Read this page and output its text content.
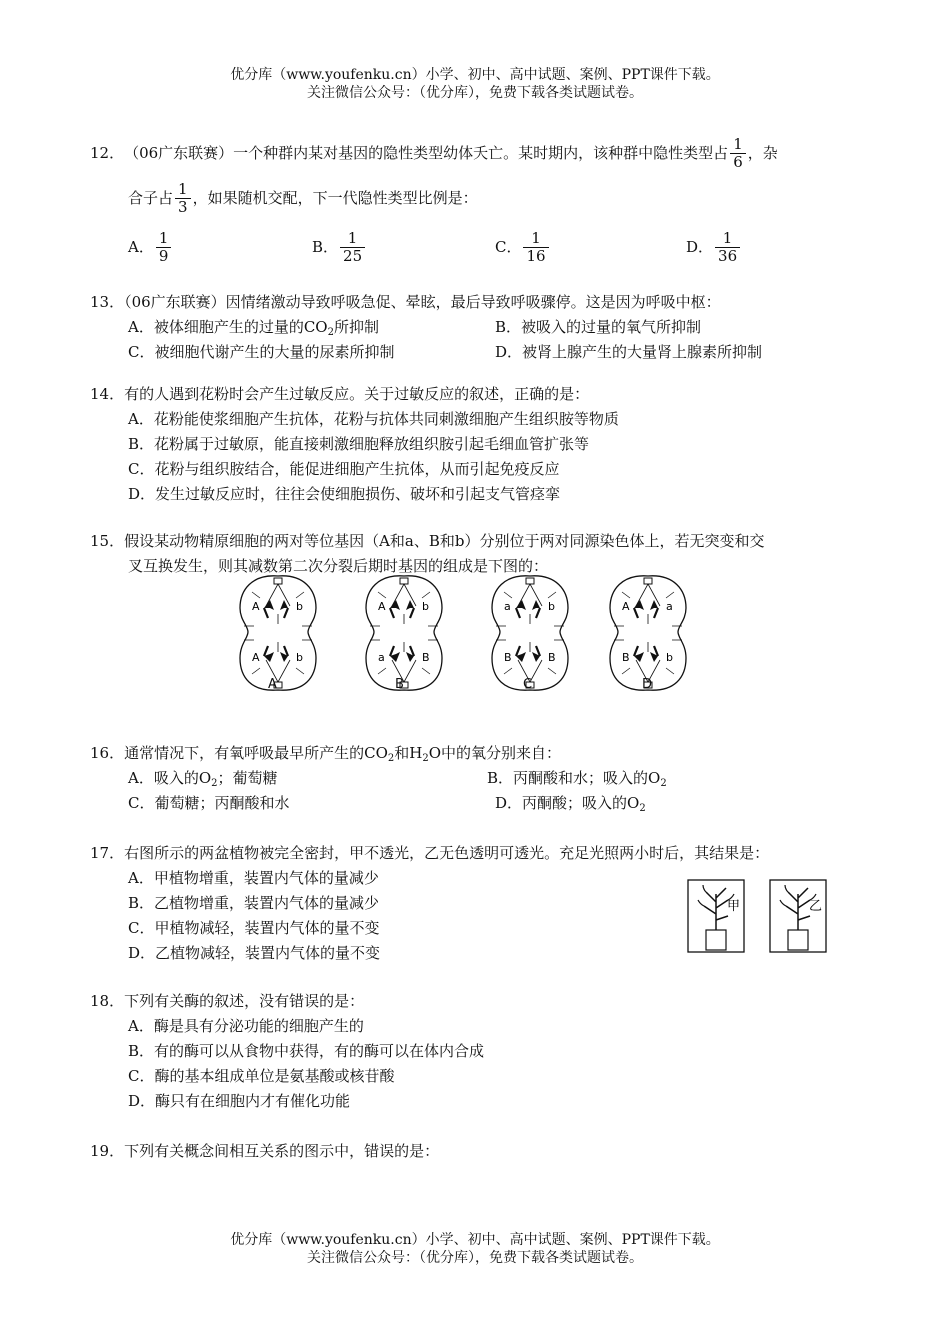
优分库（www.youfenku.cn）小学、初中、高中试题、案例、PPT课件下载。
关注微信公众号：（优分库），免费下载各类试题试卷。
12． （06广东联赛）一个种群内某对基因的隐性类型幼体夭亡。某时期内，该种群中隐性类型占 $\frac{1}{6}$ ，杂
合子占 $\frac{1}{3}$ ，如果随机交配，下一代隐性类型比例是：
A． $\frac{1}{9}$	B． $\frac{1}{25}$	C． $\frac{1}{16}$	D． $\frac{1}{36}$
13．（06广东联赛）因情绪激动导致呼吸急促、晕眩，最后导致呼吸骤停。这是因为呼吸中枢：
A．被体细胞产生的过量的$CO_2$所抑制	B．被吸入的过量的氧气所抑制
C．被细胞代谢产生的大量的尿素所抑制	D．被肾上腺产生的大量肾上腺素所抑制
14．有的人遇到花粉时会产生过敏反应。关于过敏反应的叙述，正确的是：
A．花粉能使浆细胞产生抗体，花粉与抗体共同刺激细胞产生组织胺等物质
B．花粉属于过敏原，能直接刺激细胞释放组织胺引起毛细血管扩张等
C．花粉与组织胺结合，能促进细胞产生抗体，从而引起免疫反应
D．发生过敏反应时，往往会使细胞损伤、破坏和引起支气管痉挛
15．假设某动物精原细胞的两对等位基因（A和a、B和b）分别位于两对同源染色体上，若无突变和交
叉互换发生，则其减数第二次分裂后期时基因的组成是下图的：
A	b
A	b
A	b
a	B
a	b
B	B
A	a
B	b
A	B	C	D
16．通常情况下，有氧呼吸最早所产生的$CO_2$和$H_2O$中的氧分别来自：
A．吸入的$O_2$；葡萄糖	B．丙酮酸和水；吸入的$O_2$
C．葡萄糖；丙酮酸和水	D．丙酮酸；吸入的$O_2$
17．右图所示的两盆植物被完全密封，甲不透光，乙无色透明可透光。充足光照两小时后，其结果是：
A．甲植物增重，装置内气体的量减少
B．乙植物增重，装置内气体的量减少
C．甲植物减轻，装置内气体的量不变
D．乙植物减轻，装置内气体的量不变
甲	乙
18．下列有关酶的叙述，没有错误的是：
A．酶是具有分泌功能的细胞产生的
B．有的酶可以从食物中获得，有的酶可以在体内合成
C．酶的基本组成单位是氨基酸或核苷酸
D．酶只有在细胞内才有催化功能
19．下列有关概念间相互关系的图示中，错误的是：
优分库（www.youfenku.cn）小学、初中、高中试题、案例、PPT课件下载。
关注微信公众号：（优分库），免费下载各类试题试卷。
